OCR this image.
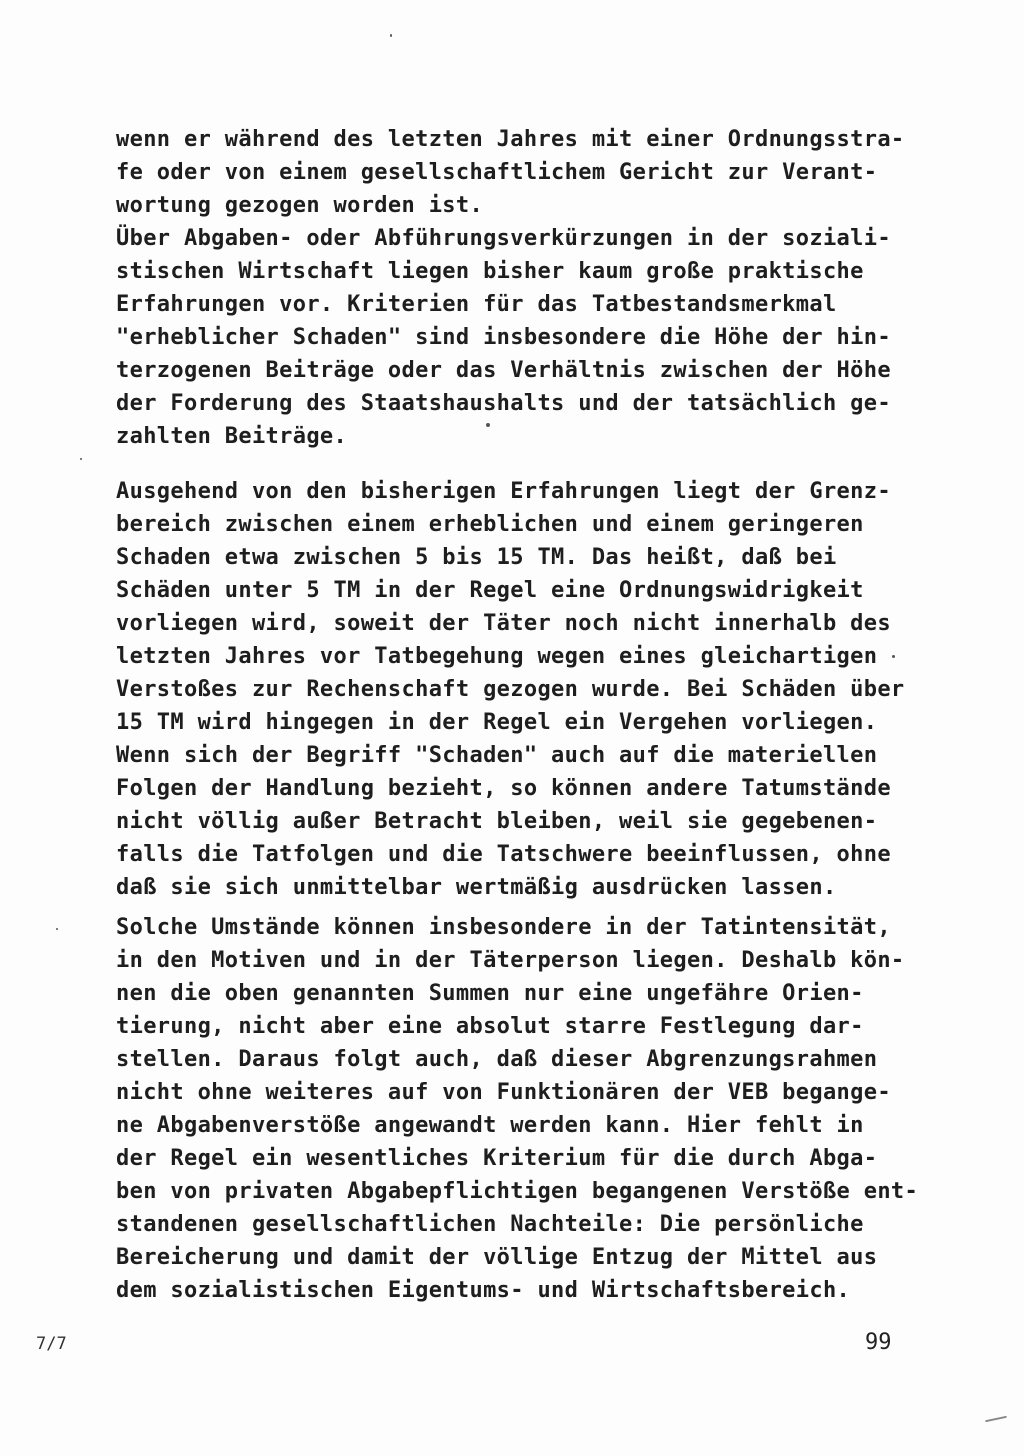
wenn er während des letzten Jahres mit einer Ordnungsstra-

fe oder von einem gesellschaftlichem Gericht zur Verant-

wortung gezogen worden ist.

Über Abgaben- oder Abführungsverkürzungen in der soziali-

stischen Wirtschaft liegen bisher kaum große praktische

Erfahrungen vor. Kriterien für das Tatbestandsmerkmal

"erheblicher Schaden" sind insbesondere die Höhe der hin-

terzogenen Beiträge oder das Verhältnis zwischen der Höhe

der Forderung des Staatshaushalts und der tatsächlich ge-

zahlten Beiträge.

Ausgehend von den bisherigen Erfahrungen liegt der Grenz-

bereich zwischen einem erheblichen und einem geringeren

Schaden etwa zwischen 5 bis 15 TM. Das heißt, daß bei

Schäden unter 5 TM in der Regel eine Ordnungswidrigkeit

vorliegen wird, soweit der Täter noch nicht innerhalb des

letzten Jahres vor Tatbegehung wegen eines gleichartigen

Verstoßes zur Rechenschaft gezogen wurde. Bei Schäden über

15 TM wird hingegen in der Regel ein Vergehen vorliegen.

Wenn sich der Begriff "Schaden" auch auf die materiellen

Folgen der Handlung bezieht, so können andere Tatumstände

nicht völlig außer Betracht bleiben, weil sie gegebenen-

falls die Tatfolgen und die Tatschwere beeinflussen, ohne

daß sie sich unmittelbar wertmäßig ausdrücken lassen.

Solche Umstände können insbesondere in der Tatintensität,

in den Motiven und in der Täterperson liegen. Deshalb kön-

nen die oben genannten Summen nur eine ungefähre Orien-

tierung, nicht aber eine absolut starre Festlegung dar-

stellen. Daraus folgt auch, daß dieser Abgrenzungsrahmen

nicht ohne weiteres auf von Funktionären der VEB begange-

ne Abgabenverstöße angewandt werden kann. Hier fehlt in

der Regel ein wesentliches Kriterium für die durch Abga-

ben von privaten Abgabepflichtigen begangenen Verstöße ent-

standenen gesellschaftlichen Nachteile: Die persönliche

Bereicherung und damit der völlige Entzug der Mittel aus

dem sozialistischen Eigentums- und Wirtschaftsbereich.

7/7	99
